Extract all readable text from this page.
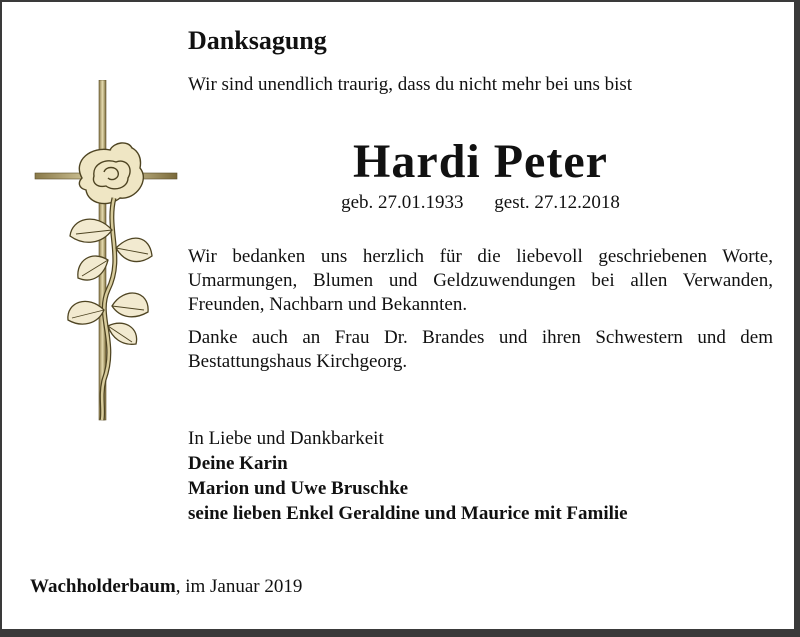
Danksagung
Wir sind unendlich traurig, dass du nicht mehr bei uns bist
Hardi Peter
geb. 27.01.1933 gest. 27.12.2018
Wir bedanken uns herzlich für die liebevoll geschriebenen Worte, Umarmungen, Blumen und Geldzuwendungen bei allen Verwanden, Freunden, Nachbarn und Bekannten.
Danke auch an Frau Dr. Brandes und ihren Schwestern und dem Bestattungshaus Kirchgeorg.
In Liebe und Dankbarkeit
Deine Karin
Marion und Uwe Bruschke
seine lieben Enkel Geraldine und Maurice mit Familie
Wachholderbaum, im Januar 2019
